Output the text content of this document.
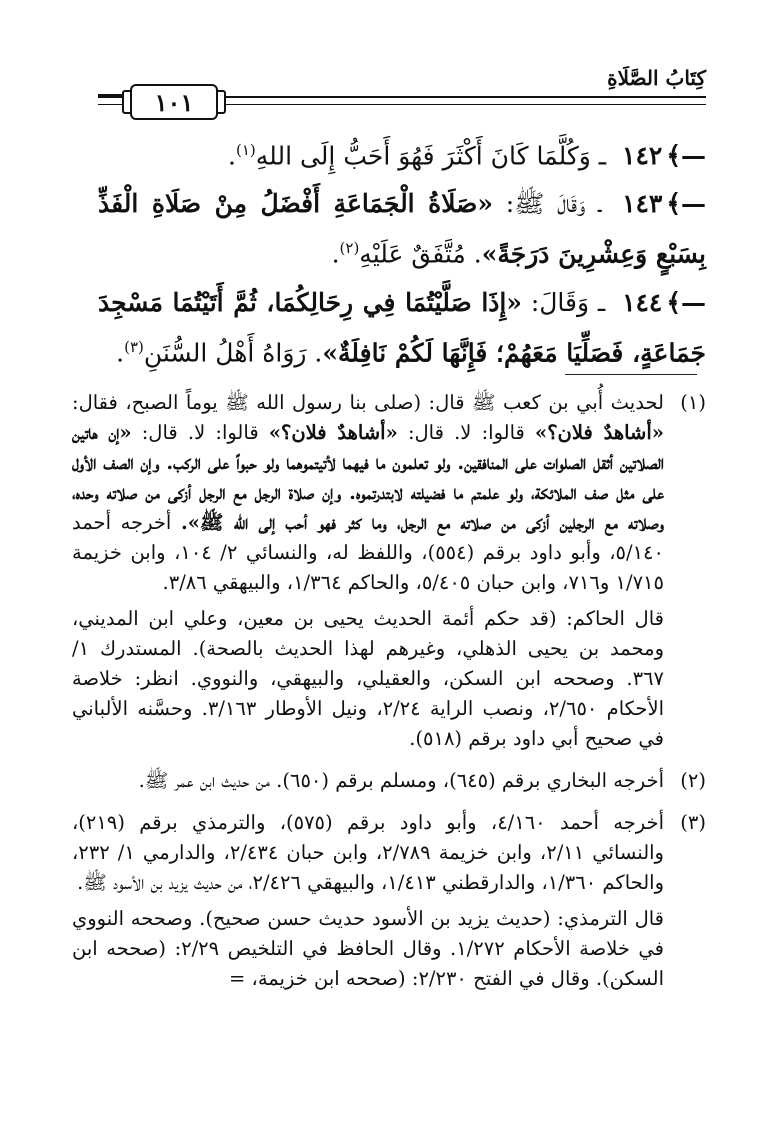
كِتَابُ الصَّلَاةِ
١٠١

—﴾١٤٢ ـ وَكُلَّمَا كَانَ أَكْثَرَ فَهُوَ أَحَبُّ إِلَى اللهِ$^{(١)}$.

—﴾١٤٣ ـ وَقَالَ ﷺ: «صَلَاةُ الْجَمَاعَةِ أَفْضَلُ مِنْ صَلَاةِ الْفَذِّ بِسَبْعٍ وَعِشْرِينَ دَرَجَةً». مُتَّفَقٌ عَلَيْهِ$^{(٢)}$.

—﴾١٤٤ ـ وَقَالَ: «إِذَا صَلَّيْتُمَا فِي رِحَالِكُمَا، ثُمَّ أَتَيْتُمَا مَسْجِدَ جَمَاعَةٍ، فَصَلِّيَا مَعَهُمْ؛ فَإِنَّهَا لَكُمْ نَافِلَةٌ». رَوَاهُ أَهْلُ السُّنَنِ$^{(٣)}$.

(١)

لحديث أُبي بن كعب ﷺ قال: (صلى بنا رسول الله ﷺ يوماً الصبح، فقال: «أشاهدٌ فلان؟» قالوا: لا. قال: «أشاهدٌ فلان؟» قالوا: لا. قال: «إن هاتين الصلاتين أثقل الصلوات على المنافقين. ولو تعلمون ما فيهما لأتيتموهما ولو حبواً على الركب. وإن الصف الأول على مثل صف الملائكة، ولو علمتم ما فضيلته لابتدرتموه. وإن صلاة الرجل مع الرجل أزكى من صلاته وحده، وصلاته مع الرجلين أزكى من صلاته مع الرجل، وما كثر فهو أحب إلى الله ﷺ». أخرجه أحمد ٥/١٤٠، وأبو داود برقم (٥٥٤)، واللفظ له، والنسائي ٢/ ١٠٤، وابن خزيمة ١/٧١٥ و٧١٦، وابن حبان ٥/٤٠٥، والحاكم ١/٣٦٤، والبيهقي ٣/٨٦.

قال الحاكم: (قد حكم أئمة الحديث يحيى بن معين، وعلي ابن المديني، ومحمد بن يحيى الذهلي، وغيرهم لهذا الحديث بالصحة). المستدرك ١/ ٣٦٧. وصححه ابن السكن، والعقيلي، والبيهقي، والنووي. انظر: خلاصة الأحكام ٢/٦٥٠، ونصب الراية ٢/٢٤، ونيل الأوطار ٣/١٦٣. وحسَّنه الألباني في صحيح أبي داود برقم (٥١٨).

(٢)

أخرجه البخاري برقم (٦٤٥)، ومسلم برقم (٦٥٠). من حديث ابن عمر ﷺ.

(٣)

أخرجه أحمد ٤/١٦٠، وأبو داود برقم (٥٧٥)، والترمذي برقم (٢١٩)، والنسائي ٢/١١، وابن خزيمة ٢/٧٨٩، وابن حبان ٢/٤٣٤، والدارمي ١/ ٢٣٢، والحاكم ١/٣٦٠، والدارقطني ١/٤١٣، والبيهقي ٢/٤٢٦، من حديث يزيد بن الأسود ﷺ.

قال الترمذي: (حديث يزيد بن الأسود حديث حسن صحيح). وصححه النووي في خلاصة الأحكام ١/٢٧٢. وقال الحافظ في التلخيص ٢/٢٩: (صححه ابن السكن). وقال في الفتح ٢/٢٣٠: (صححه ابن خزيمة، =
